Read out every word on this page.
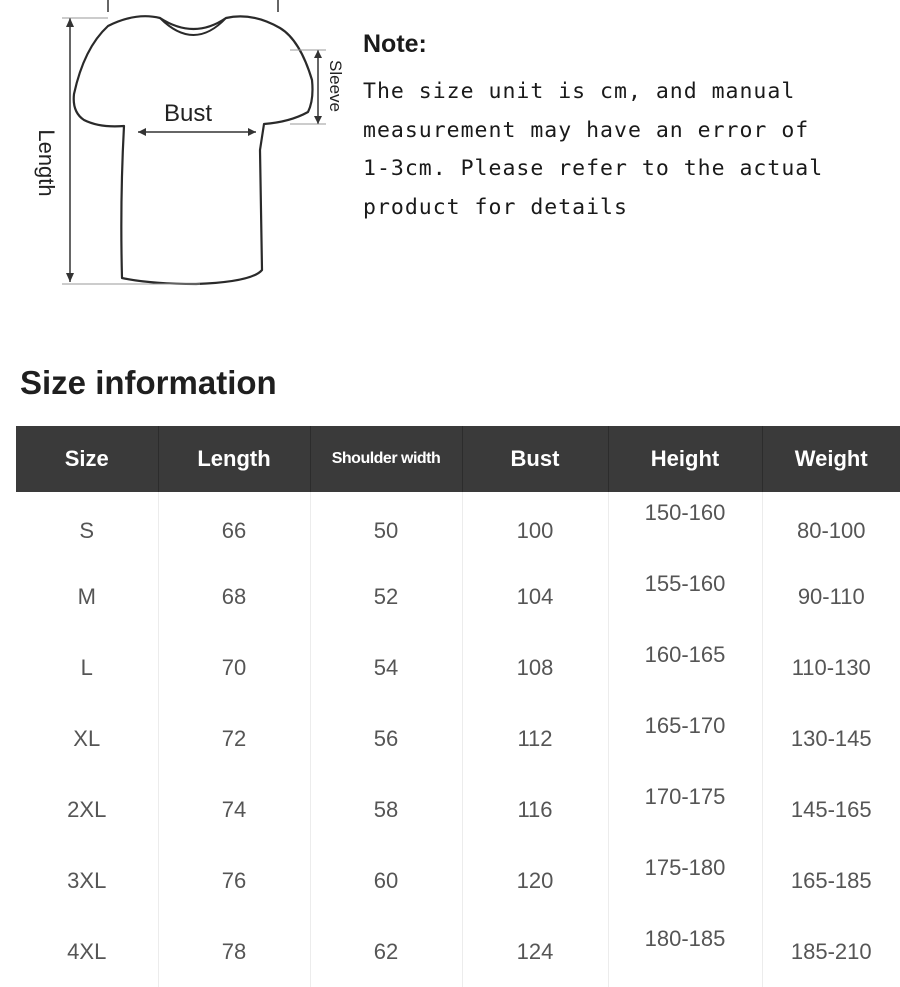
Bust
Length
Sleeve
Note:

The size unit is cm, and manual
measurement may have an error of
1-3cm. Please refer to the actual
product for details

Size information
Size	Length	Shoulder width	Bust	Height	Weight
S	66	50	100	150-160	80-100
M	68	52	104	155-160	90-110
L	70	54	108	160-165	110-130
XL	72	56	112	165-170	130-145
2XL	74	58	116	170-175	145-165
3XL	76	60	120	175-180	165-185
4XL	78	62	124	180-185	185-210
